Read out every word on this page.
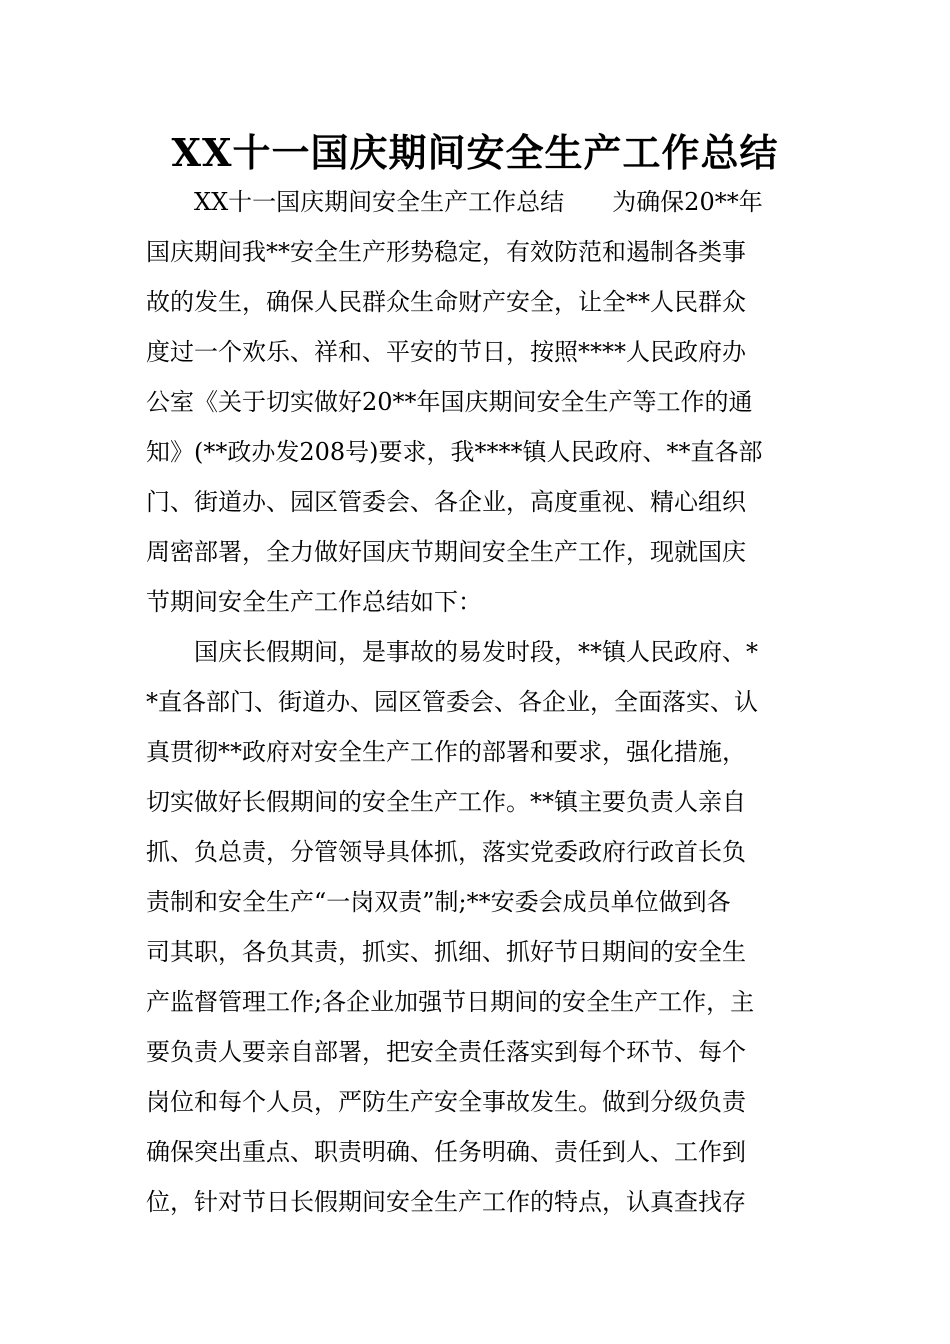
XX十一国庆期间安全生产工作总结
XX十一国庆期间安全生产工作总结　　为确保20**年
国庆期间我**安全生产形势稳定，有效防范和遏制各类事
故的发生，确保人民群众生命财产安全，让全**人民群众
度过一个欢乐、祥和、平安的节日，按照****人民政府办
公室《关于切实做好20**年国庆期间安全生产等工作的通
知》(**政办发208号)要求，我****镇人民政府、**直各部
门、街道办、园区管委会、各企业，高度重视、精心组织
周密部署，全力做好国庆节期间安全生产工作，现就国庆
节期间安全生产工作总结如下：
国庆长假期间，是事故的易发时段，**镇人民政府、*
*直各部门、街道办、园区管委会、各企业，全面落实、认
真贯彻**政府对安全生产工作的部署和要求，强化措施，
切实做好长假期间的安全生产工作。**镇主要负责人亲自
抓、负总责，分管领导具体抓，落实党委政府行政首长负
责制和安全生产“一岗双责”制;**安委会成员单位做到各
司其职，各负其责，抓实、抓细、抓好节日期间的安全生
产监督管理工作;各企业加强节日期间的安全生产工作，主
要负责人要亲自部署，把安全责任落实到每个环节、每个
岗位和每个人员，严防生产安全事故发生。做到分级负责
确保突出重点、职责明确、任务明确、责任到人、工作到
位，针对节日长假期间安全生产工作的特点，认真查找存
